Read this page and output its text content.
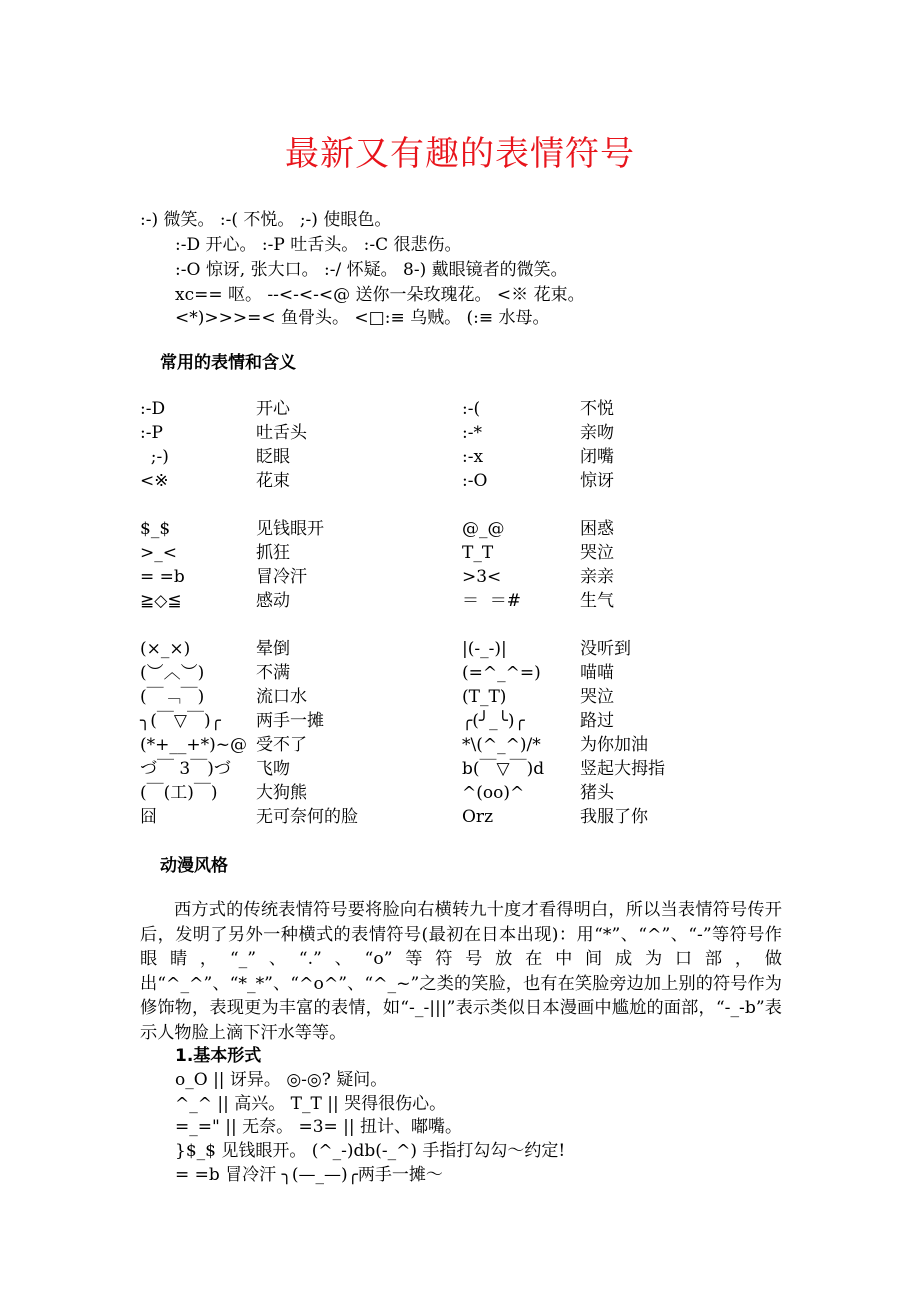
最新又有趣的表情符号
:-) 微笑。 :-( 不悦。 ;-) 使眼色。
:-D 开心。 :-P 吐舌头。 :-C 很悲伤。
:-O 惊讶, 张大口。 :-/ 怀疑。 8-) 戴眼镜者的微笑。
xc== 呕。 --<-<-<@ 送你一朵玫瑰花。 <※ 花束。
<*)>>>=< 鱼骨头。 <□:≡ 乌贼。 (:≡ 水母。
常用的表情和含义
:-D	开心	:-(	不悦
:-P	吐舌头	:-*	亲吻
;-)	眨眼	:-x	闭嘴
<※	花束	:-O	惊讶
$_$	见钱眼开	@_@	困惑
>_<	抓狂	T_T	哭泣
= =b	冒冷汗	>3<	亲亲
≧◇≦	感动	＝  ＝#	生气
(×_×)	晕倒	|(-_-)|	没听到
(︶︿︶)	不满	(=^_^=) 喵喵
(￣﹁￣)	流口水	(T_T)	哭泣
╮(￣▽￣)╭ 两手一摊	╭(╯_╰)╭	路过
(*+__+*)~@ 受不了	*\(^_^)/* 为你加油
づ￣ 3￣)づ 飞吻	b(￣▽￣)d 竖起大拇指
(￣(工)￣) 大狗熊	^(oo)^	猪头
囧	无可奈何的脸	Orz	我服了你
动漫风格
西方式的传统表情符号要将脸向右横转九十度才看得明白，所以当表情符号传开后，发明了另外一种横式的表情符号(最初在日本出现)：用“*”、“^”、“-”等符号作眼睛，“_”、“.”、“o”等符号放在中间成为口部，做出“^_^”、“*_*”、“^o^”、“^_~”之类的笑脸，也有在笑脸旁边加上别的符号作为修饰物，表现更为丰富的表情，如“-_-|||”表示类似日本漫画中尴尬的面部，“-_-b”表示人物脸上滴下汗水等等。
1.基本形式
o_O || 讶异。 ◎-◎? 疑问。
^_^ || 高兴。 T_T || 哭得很伤心。
=_=" || 无奈。 =3= || 扭计、嘟嘴。
}$_$ 见钱眼开。 (^_-)db(-_^) 手指打勾勾～约定!
= =b 冒冷汗 ╮(—_—)╭两手一摊～
